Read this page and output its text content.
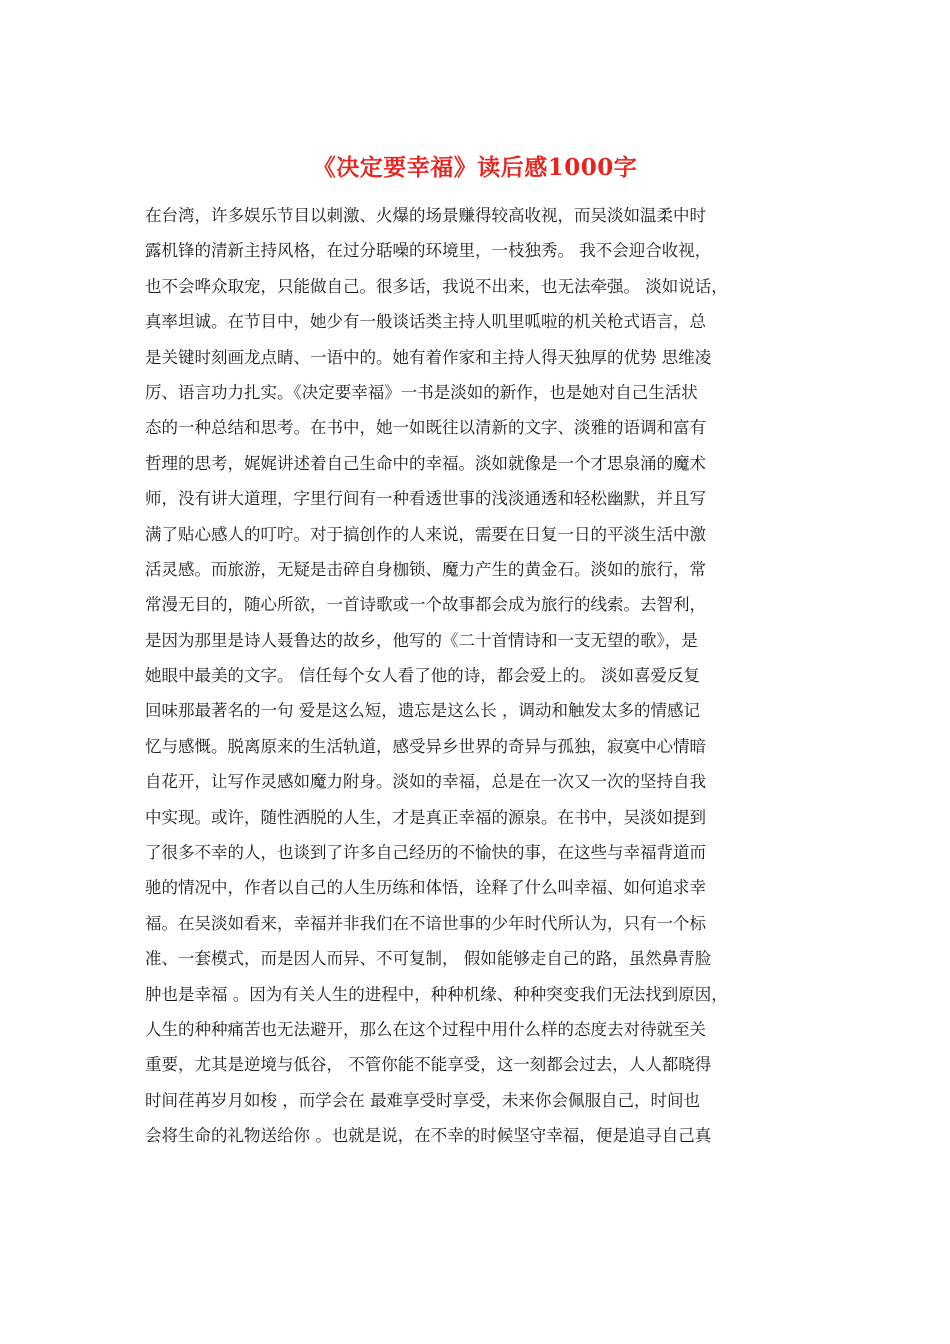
《决定要幸福》读后感1000字
在台湾，许多娱乐节目以刺激、火爆的场景赚得较高收视，而吴淡如温柔中时
露机锋的清新主持风格，在过分聒噪的环境里，一枝独秀。 我不会迎合收视，
也不会哗众取宠，只能做自己。很多话，我说不出来，也无法牵强。 淡如说话，
真率坦诚。在节目中，她少有一般谈话类主持人叽里呱啦的机关枪式语言，总
是关键时刻画龙点睛、一语中的。她有着作家和主持人得天独厚的优势 思维凌
厉、语言功力扎实。《决定要幸福》一书是淡如的新作，也是她对自己生活状
态的一种总结和思考。在书中，她一如既往以清新的文字、淡雅的语调和富有
哲理的思考，娓娓讲述着自己生命中的幸福。淡如就像是一个才思泉涌的魔术
师，没有讲大道理，字里行间有一种看透世事的浅淡通透和轻松幽默，并且写
满了贴心感人的叮咛。对于搞创作的人来说，需要在日复一日的平淡生活中激
活灵感。而旅游，无疑是击碎自身枷锁、魔力产生的黄金石。淡如的旅行，常
常漫无目的，随心所欲，一首诗歌或一个故事都会成为旅行的线索。去智利，
是因为那里是诗人聂鲁达的故乡，他写的《二十首情诗和一支无望的歌》，是
她眼中最美的文字。 信任每个女人看了他的诗，都会爱上的。 淡如喜爱反复
回味那最著名的一句 爱是这么短，遗忘是这么长 ，调动和触发太多的情感记
忆与感慨。脱离原来的生活轨道，感受异乡世界的奇异与孤独，寂寞中心情暗
自花开，让写作灵感如魔力附身。淡如的幸福，总是在一次又一次的坚持自我
中实现。或许，随性洒脱的人生，才是真正幸福的源泉。在书中，吴淡如提到
了很多不幸的人，也谈到了许多自己经历的不愉快的事，在这些与幸福背道而
驰的情况中，作者以自己的人生历练和体悟，诠释了什么叫幸福、如何追求幸
福。在吴淡如看来，幸福并非我们在不谙世事的少年时代所认为，只有一个标
准、一套模式，而是因人而异、不可复制， 假如能够走自己的路，虽然鼻青脸
肿也是幸福 。因为有关人生的进程中，种种机缘、种种突变我们无法找到原因，
人生的种种痛苦也无法避开，那么在这个过程中用什么样的态度去对待就至关
重要，尤其是逆境与低谷， 不管你能不能享受，这一刻都会过去，人人都晓得
时间荏苒岁月如梭 ，而学会在 最难享受时享受，未来你会佩服自己，时间也
会将生命的礼物送给你 。也就是说，在不幸的时候坚守幸福，便是追寻自己真
